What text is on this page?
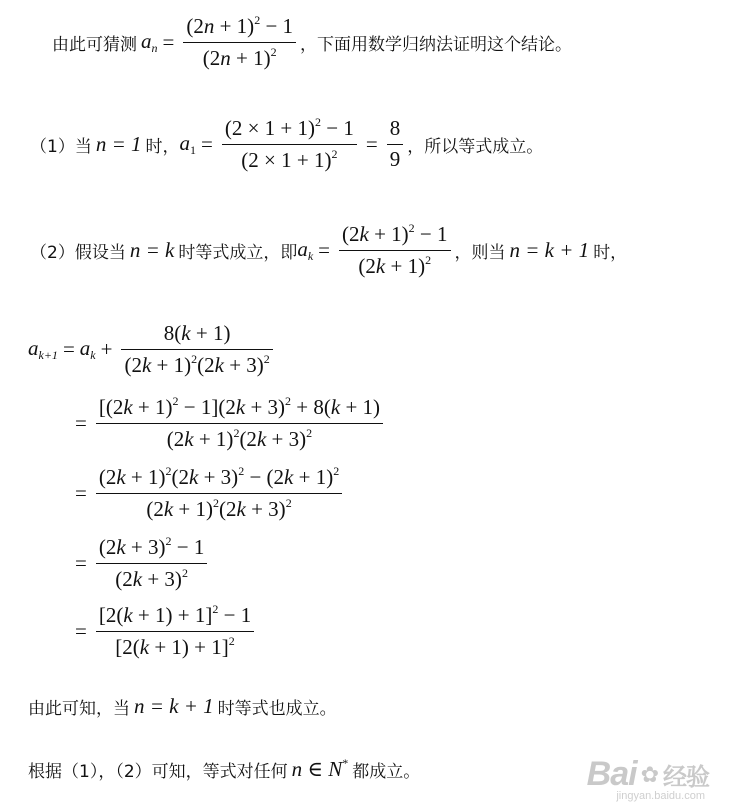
由此可猜测 $a_n = \frac{(2n + 1)^2 - 1}{(2n + 1)^2}$ ，下面用数学归纳法证明这个结论。
（1）当 n = 1 时， $a_1 = \frac{(2 \times 1 + 1)^2 - 1}{(2 \times 1 + 1)^2} = \frac{8}{9}$ ，所以等式成立。
（2）假设当 n = k 时等式成立，即 $a_k = \frac{(2k + 1)^2 - 1}{(2k + 1)^2}$ ，则当 n = k + 1 时，
$a_{k+1} = a_k + \frac{8(k + 1)}{(2k + 1)^2(2k + 3)^2}$
= $\frac{[(2k + 1)^2 - 1](2k + 3)^2 + 8(k + 1)}{(2k + 1)^2(2k + 3)^2}$
= $\frac{(2k + 1)^2(2k + 3)^2 - (2k + 1)^2}{(2k + 1)^2(2k + 3)^2}$
= $\frac{(2k + 3)^2 - 1}{(2k + 3)^2}$
= $\frac{[2(k + 1) + 1]^2 - 1}{[2(k + 1) + 1]^2}$
由此可知，当 n = k + 1 时等式也成立。
根据（1），（2）可知，等式对任何 n ∈ N* 都成立。	Bai ✿ 经验
jingyan.baidu.com
